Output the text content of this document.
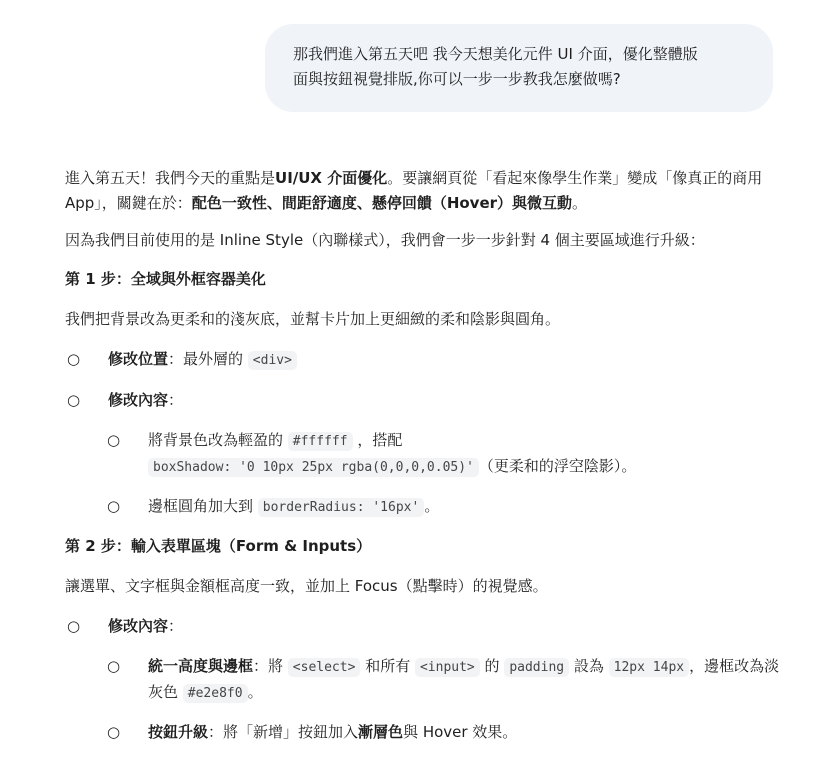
那我們進入第五天吧 我今天想美化元件 UI 介面，優化整體版
面與按鈕視覺排版,你可以一步一步教我怎麼做嗎?

進入第五天！我們今天的重點是UI/UX 介面優化。要讓網頁從「看起來像學生作業」變成「像真正的商用 App」，關鍵在於：配色一致性、間距舒適度、懸停回饋（Hover）與微互動。

因為我們目前使用的是 Inline Style（內聯樣式），我們會一步一步針對 4 個主要區域進行升級：

第 1 步：全域與外框容器美化

我們把背景改為更柔和的淺灰底，並幫卡片加上更細緻的柔和陰影與圓角。

○ 修改位置：最外層的 <div>
○ 修改內容：
○ 將背景色改為輕盈的 #ffffff ，搭配
boxShadow: '0 10px 25px rgba(0,0,0,0.05)' （更柔和的浮空陰影）。
○ 邊框圓角加大到 borderRadius: '16px' 。

第 2 步：輸入表單區塊（Form & Inputs）

讓選單、文字框與金額框高度一致，並加上 Focus（點擊時）的視覺感。

○ 修改內容：
○ 統一高度與邊框：將 <select> 和所有 <input> 的 padding 設為 12px 14px ，邊框改為淡灰色 #e2e8f0 。
○ 按鈕升級：將「新增」按鈕加入漸層色與 Hover 效果。
